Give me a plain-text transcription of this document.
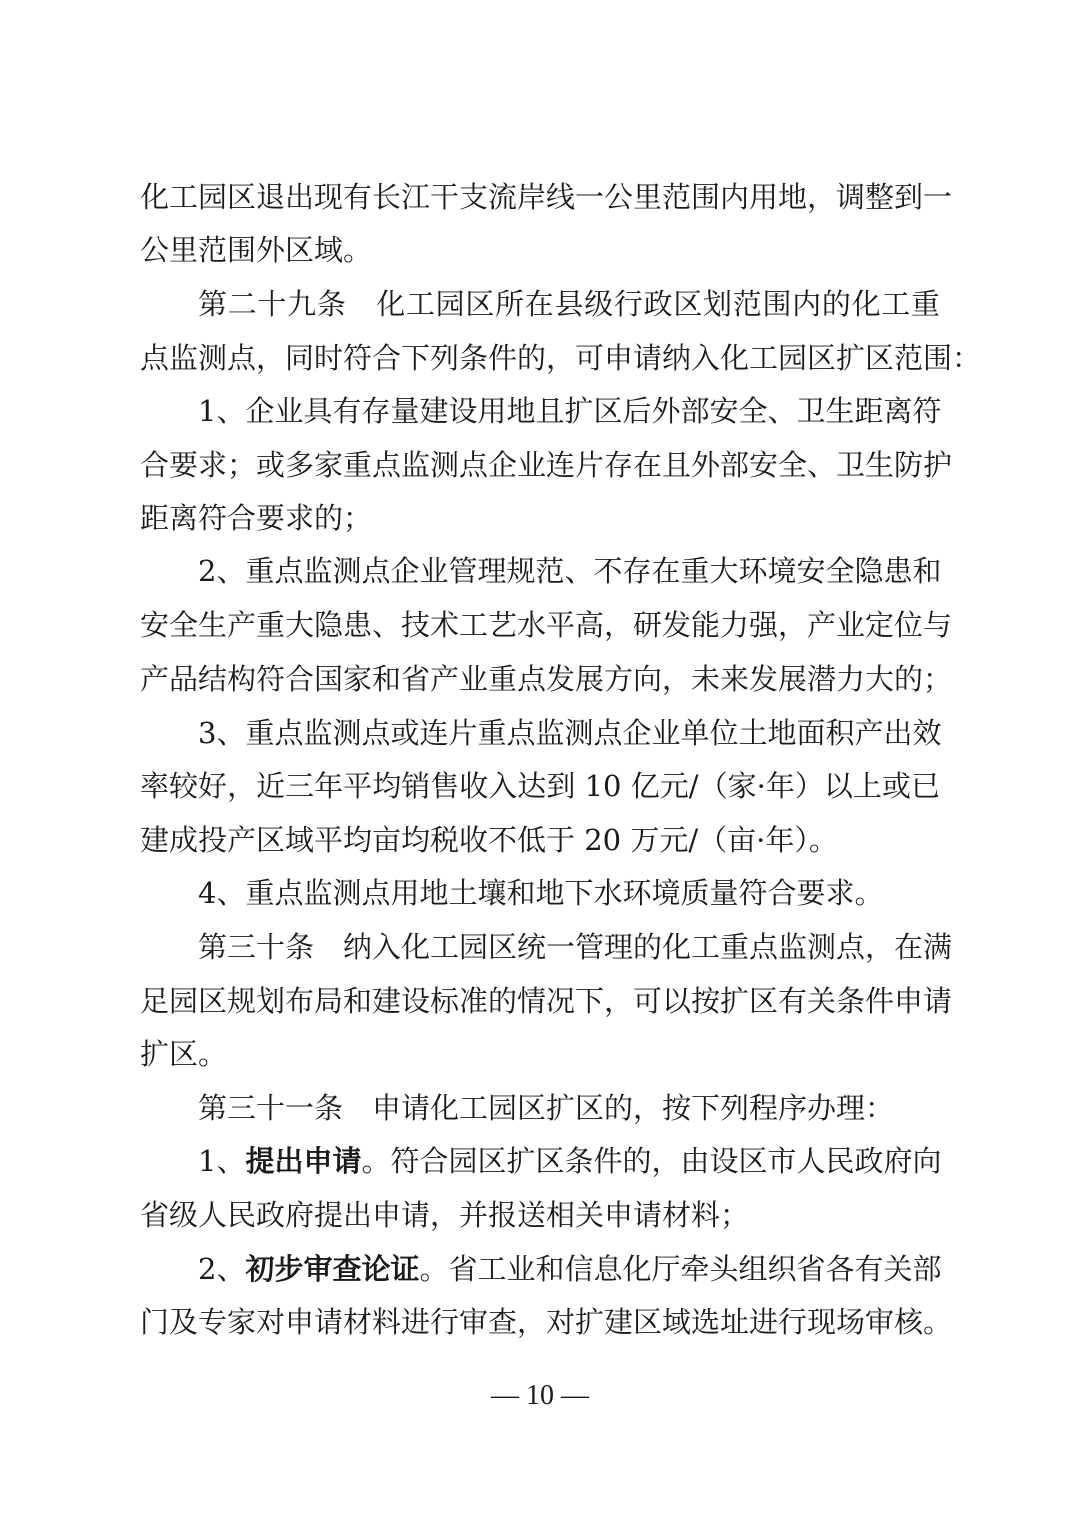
化工园区退出现有长江干支流岸线一公里范围内用地，调整到一
公里范围外区域。
第二十九条　化工园区所在县级行政区划范围内的化工重
点监测点，同时符合下列条件的，可申请纳入化工园区扩区范围：
1、企业具有存量建设用地且扩区后外部安全、卫生距离符
合要求；或多家重点监测点企业连片存在且外部安全、卫生防护
距离符合要求的；
2、重点监测点企业管理规范、不存在重大环境安全隐患和
安全生产重大隐患、技术工艺水平高，研发能力强，产业定位与
产品结构符合国家和省产业重点发展方向，未来发展潜力大的；
3、重点监测点或连片重点监测点企业单位土地面积产出效
率较好，近三年平均销售收入达到 10 亿元/（家·年）以上或已
建成投产区域平均亩均税收不低于 20 万元/（亩·年）。
4、重点监测点用地土壤和地下水环境质量符合要求。
第三十条　纳入化工园区统一管理的化工重点监测点，在满
足园区规划布局和建设标准的情况下，可以按扩区有关条件申请
扩区。
第三十一条　申请化工园区扩区的，按下列程序办理：
1、提出申请。符合园区扩区条件的，由设区市人民政府向
省级人民政府提出申请，并报送相关申请材料；
2、初步审查论证。省工业和信息化厅牵头组织省各有关部
门及专家对申请材料进行审查，对扩建区域选址进行现场审核。
— 10 —
